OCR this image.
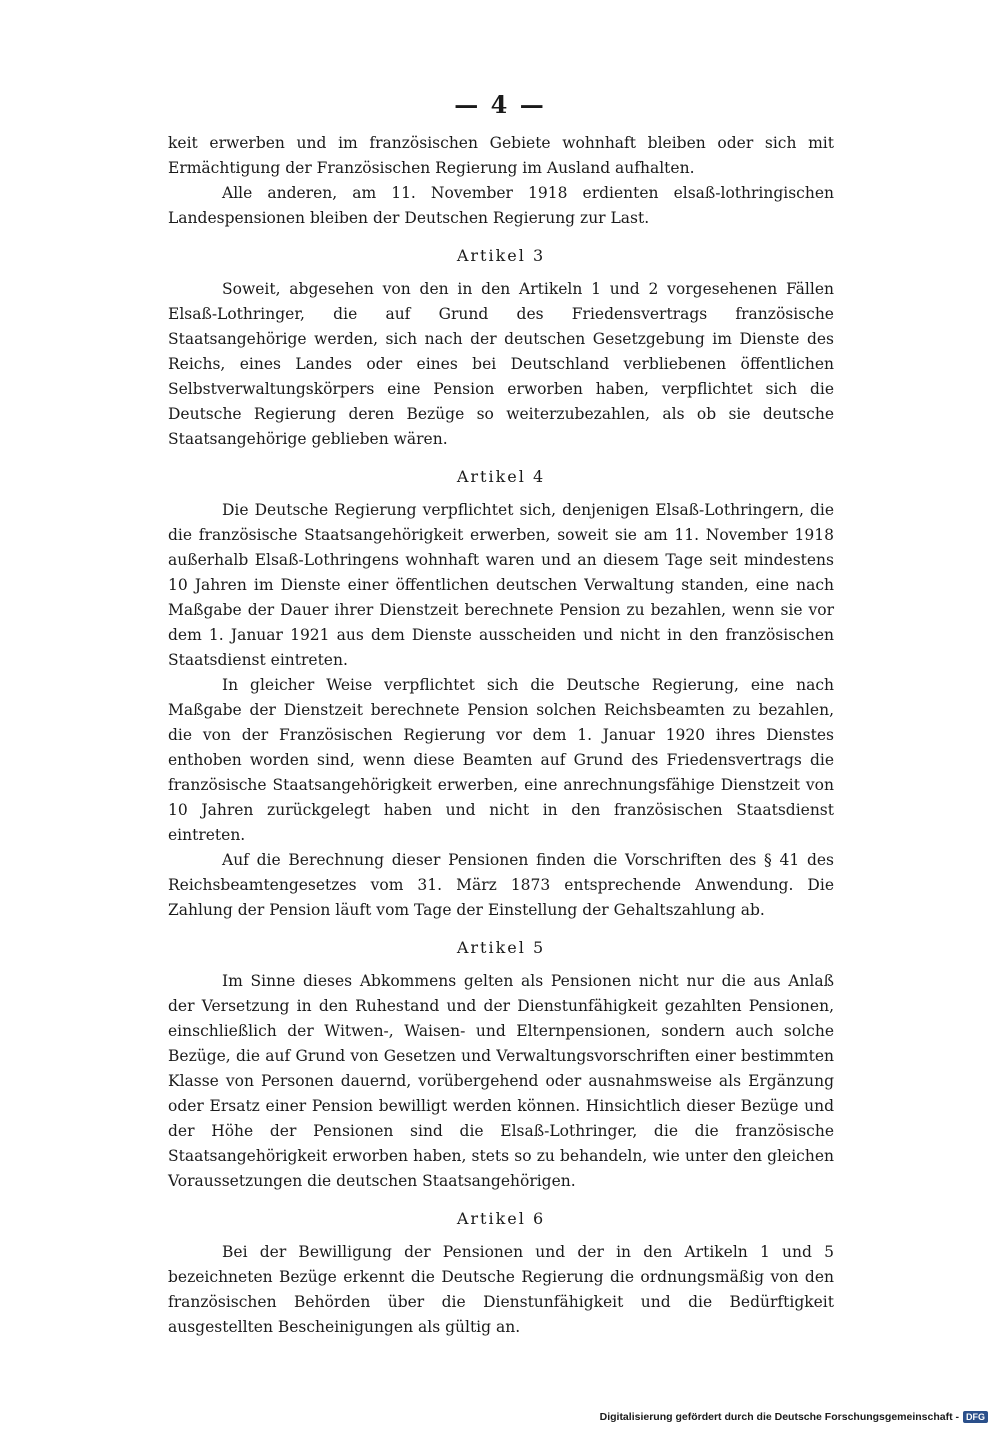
— 4 —

keit erwerben und im französischen Gebiete wohnhaft bleiben oder sich mit Ermächtigung der Französischen Regierung im Ausland aufhalten.

Alle anderen, am 11. November 1918 erdienten elsaß-lothringischen Landespensionen bleiben der Deutschen Regierung zur Last.

Artikel 3

Soweit, abgesehen von den in den Artikeln 1 und 2 vorgesehenen Fällen Elsaß-Lothringer, die auf Grund des Friedensvertrags französische Staatsangehörige werden, sich nach der deutschen Gesetzgebung im Dienste des Reichs, eines Landes oder eines bei Deutschland verbliebenen öffentlichen Selbstverwaltungskörpers eine Pension erworben haben, verpflichtet sich die Deutsche Regierung deren Bezüge so weiterzubezahlen, als ob sie deutsche Staatsangehörige geblieben wären.

Artikel 4

Die Deutsche Regierung verpflichtet sich, denjenigen Elsaß-Lothringern, die die französische Staatsangehörigkeit erwerben, soweit sie am 11. November 1918 außerhalb Elsaß-Lothringens wohnhaft waren und an diesem Tage seit mindestens 10 Jahren im Dienste einer öffentlichen deutschen Verwaltung standen, eine nach Maßgabe der Dauer ihrer Dienstzeit berechnete Pension zu bezahlen, wenn sie vor dem 1. Januar 1921 aus dem Dienste ausscheiden und nicht in den französischen Staatsdienst eintreten.

In gleicher Weise verpflichtet sich die Deutsche Regierung, eine nach Maßgabe der Dienstzeit berechnete Pension solchen Reichsbeamten zu bezahlen, die von der Französischen Regierung vor dem 1. Januar 1920 ihres Dienstes enthoben worden sind, wenn diese Beamten auf Grund des Friedensvertrags die französische Staatsangehörigkeit erwerben, eine anrechnungsfähige Dienstzeit von 10 Jahren zurückgelegt haben und nicht in den französischen Staatsdienst eintreten.

Auf die Berechnung dieser Pensionen finden die Vorschriften des § 41 des Reichsbeamtengesetzes vom 31. März 1873 entsprechende Anwendung. Die Zahlung der Pension läuft vom Tage der Einstellung der Gehaltszahlung ab.

Artikel 5

Im Sinne dieses Abkommens gelten als Pensionen nicht nur die aus Anlaß der Versetzung in den Ruhestand und der Dienstunfähigkeit gezahlten Pensionen, einschließlich der Witwen-, Waisen- und Elternpensionen, sondern auch solche Bezüge, die auf Grund von Gesetzen und Verwaltungsvorschriften einer bestimmten Klasse von Personen dauernd, vorübergehend oder ausnahmsweise als Ergänzung oder Ersatz einer Pension bewilligt werden können. Hinsichtlich dieser Bezüge und der Höhe der Pensionen sind die Elsaß-Lothringer, die die französische Staatsangehörigkeit erworben haben, stets so zu behandeln, wie unter den gleichen Voraussetzungen die deutschen Staatsangehörigen.

Artikel 6

Bei der Bewilligung der Pensionen und der in den Artikeln 1 und 5 bezeichneten Bezüge erkennt die Deutsche Regierung die ordnungsmäßig von den französischen Behörden über die Dienstunfähigkeit und die Bedürftigkeit ausgestellten Bescheinigungen als gültig an.

Digitalisierung gefördert durch die Deutsche Forschungsgemeinschaft - DFG
